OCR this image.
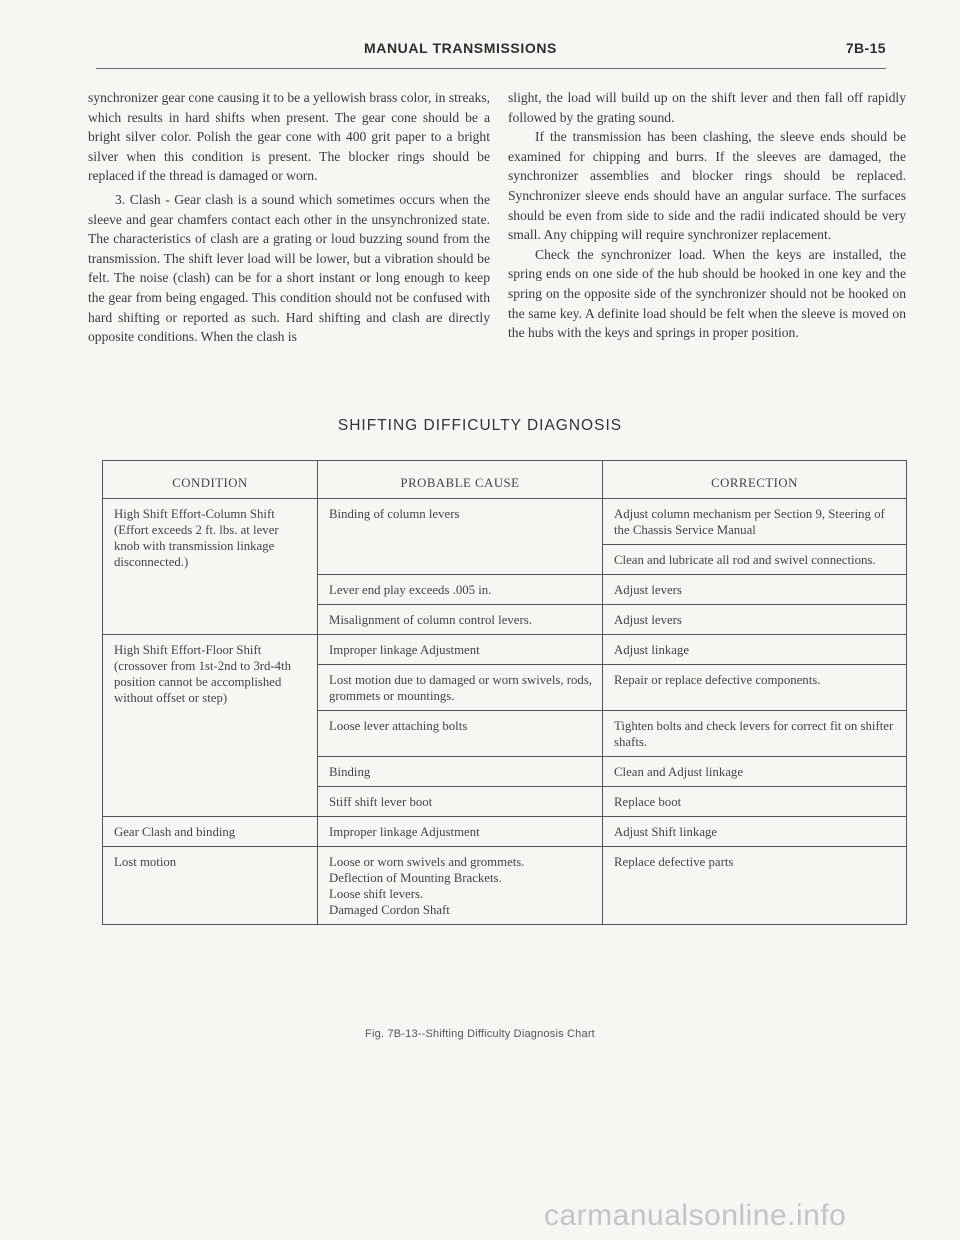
MANUAL TRANSMISSIONS	7B-15

synchronizer gear cone causing it to be a yellowish brass color, in streaks, which results in hard shifts when present. The gear cone should be a bright silver color. Polish the gear cone with 400 grit paper to a bright silver when this condition is present. The blocker rings should be replaced if the thread is damaged or worn.

3. Clash - Gear clash is a sound which sometimes occurs when the sleeve and gear chamfers contact each other in the unsynchronized state. The characteristics of clash are a grating or loud buzzing sound from the transmission. The shift lever load will be lower, but a vibration should be felt. The noise (clash) can be for a short instant or long enough to keep the gear from being engaged. This condition should not be confused with hard shifting or reported as such. Hard shifting and clash are directly opposite conditions. When the clash is

slight, the load will build up on the shift lever and then fall off rapidly followed by the grating sound.

If the transmission has been clashing, the sleeve ends should be examined for chipping and burrs. If the sleeves are damaged, the synchronizer assemblies and blocker rings should be replaced. Synchronizer sleeve ends should have an angular surface. The surfaces should be even from side to side and the radii indicated should be very small. Any chipping will require synchronizer replacement.

Check the synchronizer load. When the keys are installed, the spring ends on one side of the hub should be hooked in one key and the spring on the opposite side of the synchronizer should not be hooked on the same key. A definite load should be felt when the sleeve is moved on the hubs with the keys and springs in proper position.

SHIFTING DIFFICULTY DIAGNOSIS
CONDITION	PROBABLE CAUSE	CORRECTION
High Shift Effort-Column Shift (Effort exceeds 2 ft. lbs. at lever knob with transmission linkage disconnected.)	Binding of column levers	Adjust column mechanism per Section 9, Steering of the Chassis Service Manual
		Clean and lubricate all rod and swivel connections.
	Lever end play exceeds .005 in.	Adjust levers
	Misalignment of column control levers.	Adjust levers
High Shift Effort-Floor Shift (crossover from 1st-2nd to 3rd-4th position cannot be accomplished without offset or step)	Improper linkage Adjustment	Adjust linkage
	Lost motion due to damaged or worn swivels, rods, grommets or mountings.	Repair or replace defective components.
	Loose lever attaching bolts	Tighten bolts and check levers for correct fit on shifter shafts.
	Binding	Clean and Adjust linkage
	Stiff shift lever boot	Replace boot
Gear Clash and binding	Improper linkage Adjustment	Adjust Shift linkage
Lost motion	Loose or worn swivels and grommets.
Deflection of Mounting Brackets.
Loose shift levers.
Damaged Cordon Shaft	Replace defective parts
Fig. 7B-13--Shifting Difficulty Diagnosis Chart
carmanualsonline.info
